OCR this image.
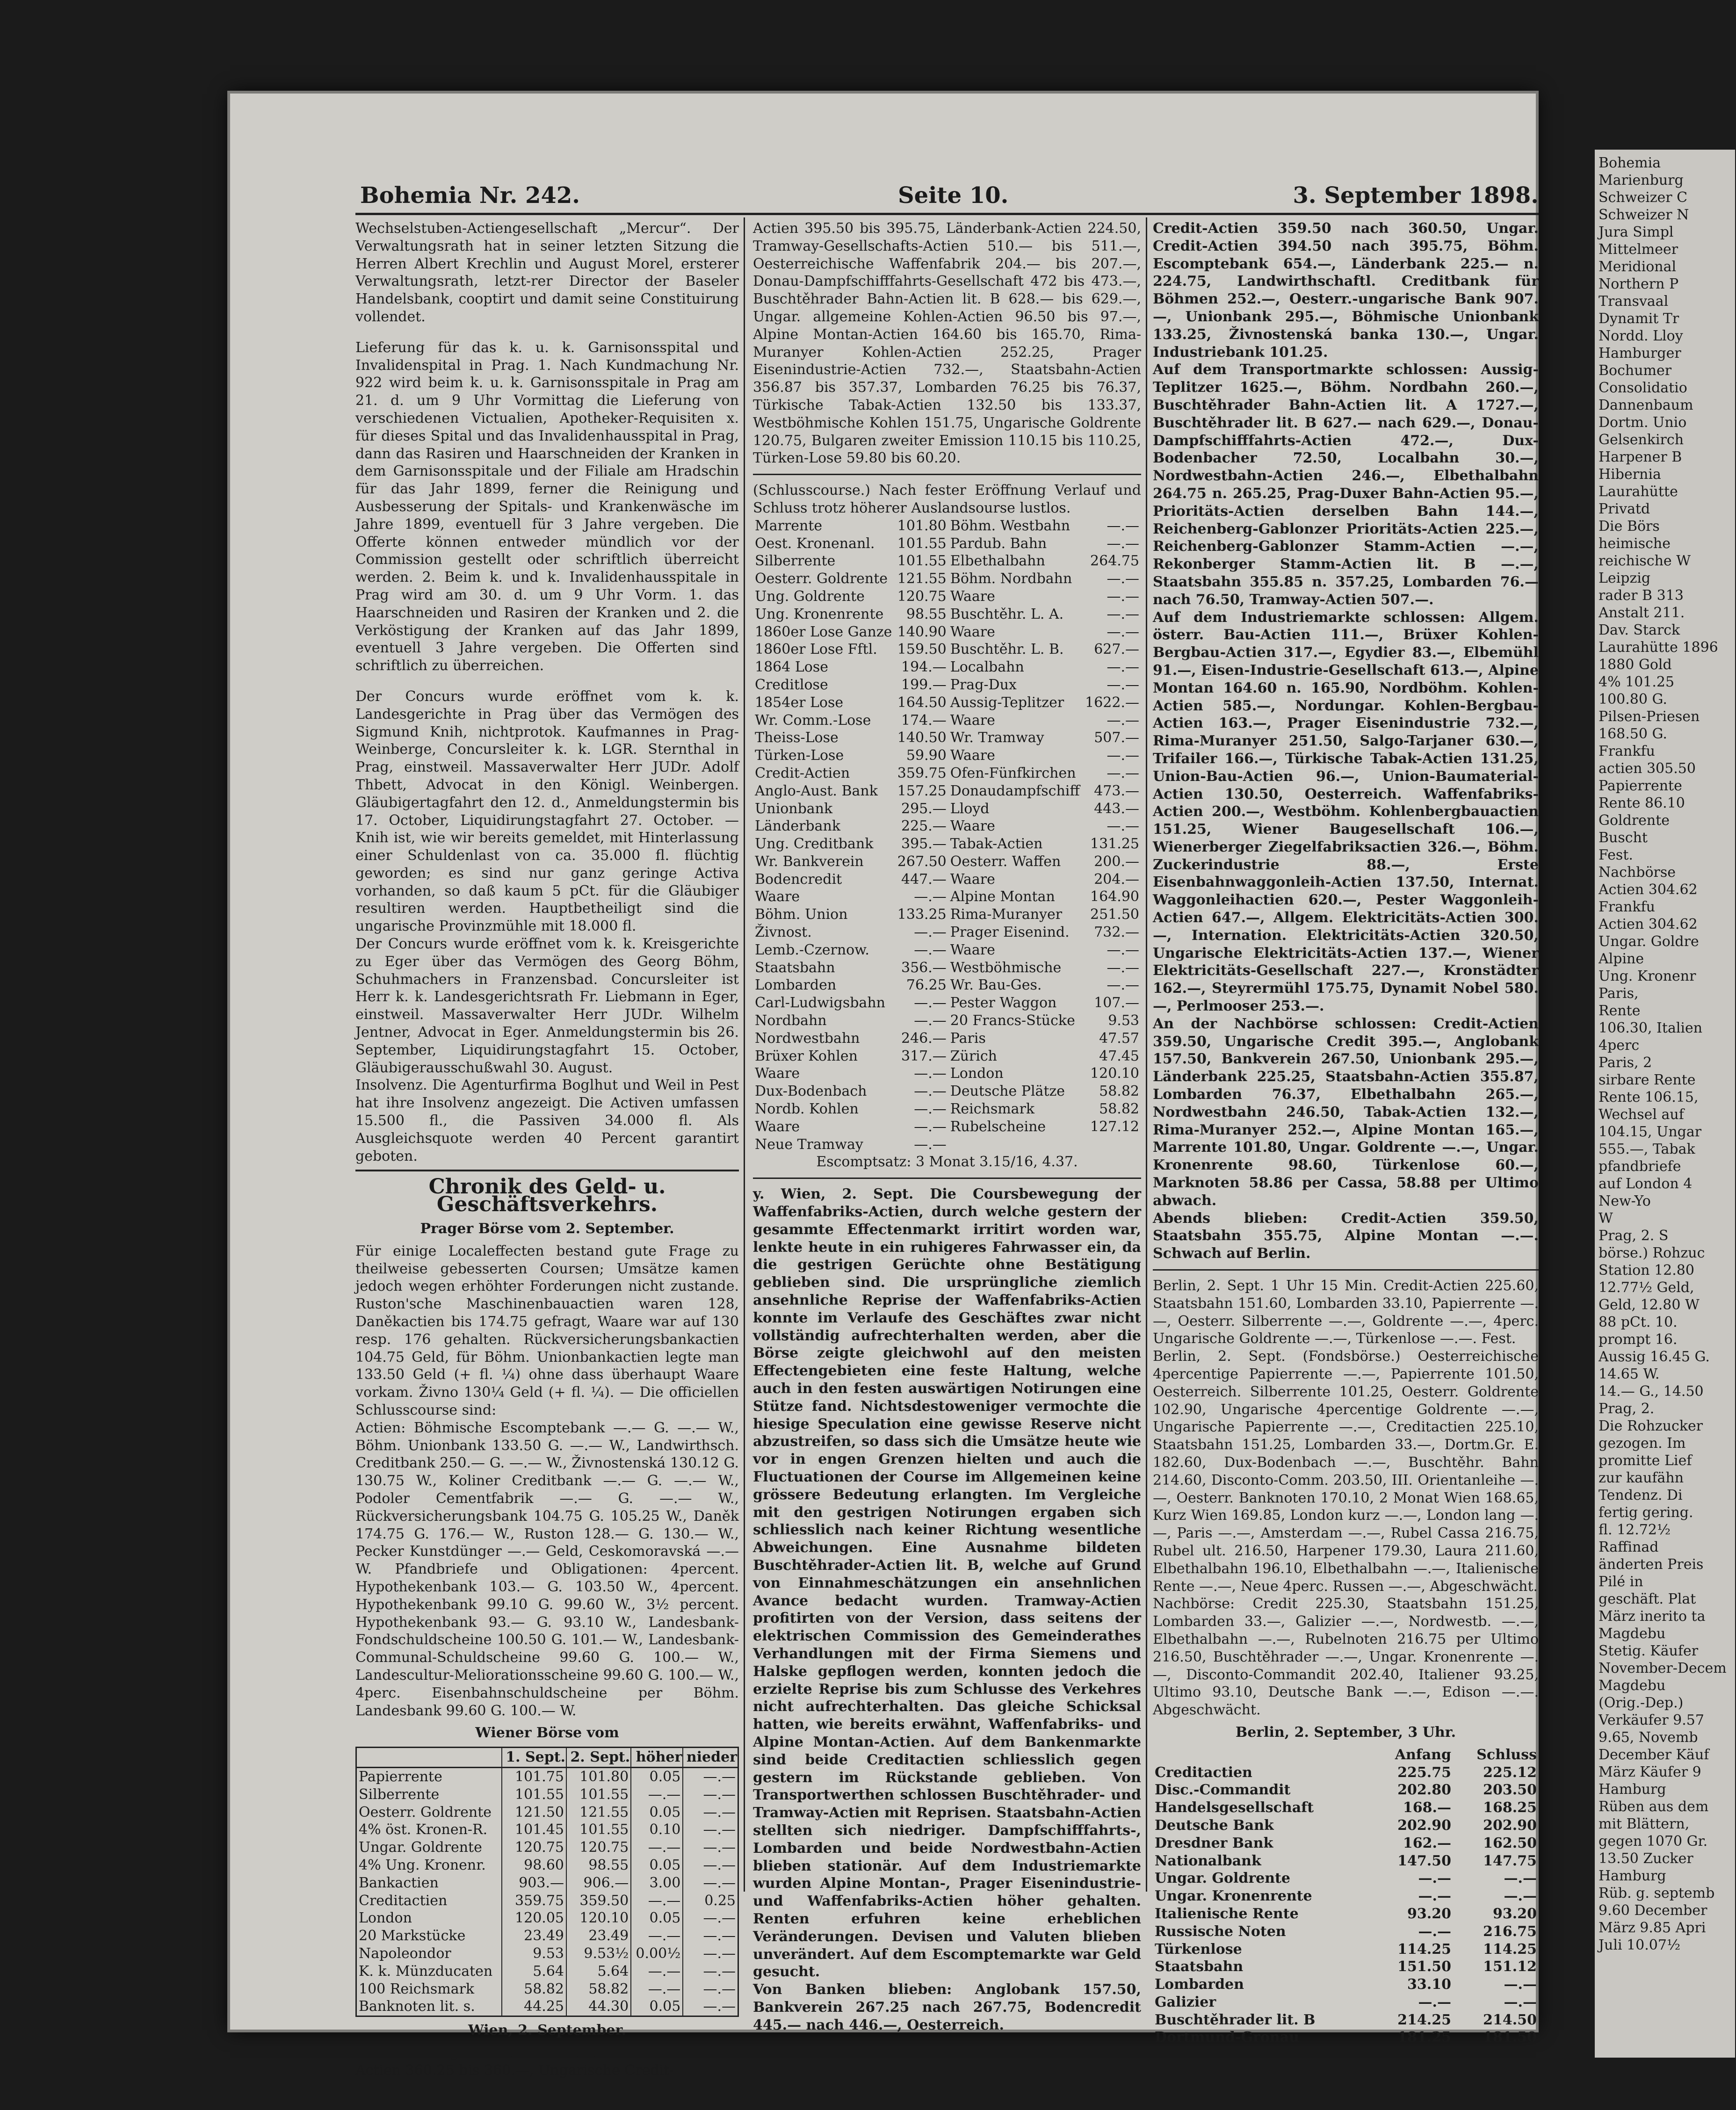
Bohemia
Marienburg
Schweizer C
Schweizer N
Jura Simpl
Mittelmeer
Meridional
Northern P
Transvaal
Dynamit Tr
Nordd. Lloy
Hamburger
Bochumer
Consolidatio
Dannenbaum
Dortm. Unio
Gelsenkirch
Harpener B
Hibernia
Laurahütte
Privatd
Die Börs
heimische
reichische W
Leipzig
rader B 313
Anstalt 211.
Dav. Starck
Laurahütte 1896
1880 Gold
4% 101.25
100.80 G.
Pilsen-Priesen
168.50 G.
Frankfu
actien 305.50
Papierrente
Rente 86.10
Goldrente
Buscht
Fest.
Nachbörse
Actien 304.62
Frankfu
Actien 304.62
Ungar. Goldre
Alpine
Ung. Kronenr
Paris,
Rente
106.30, Italien
4perc
Paris, 2
sirbare Rente
Rente 106.15,
Wechsel auf
104.15, Ungar
555.—, Tabak
pfandbriefe
auf London 4
New-Yo
W
Prag, 2. S
börse.) Rohzuc
Station 12.80
12.77½ Geld,
Geld, 12.80 W
88 pCt. 10.
prompt 16.
Aussig 16.45 G.
14.65 W.
14.— G., 14.50
Prag, 2.
Die Rohzucker
gezogen. Im
promitte Lief
zur kaufähn
Tendenz. Di
fertig gering.
fl. 12.72½
Raffinad
änderten Preis
Pilé in
geschäft. Plat
März inerito ta
Magdebu
Stetig. Käufer
November-Decem
Magdebu
(Orig.-Dep.)
Verkäufer 9.57
9.65, Novemb
December Käuf
März Käufer 9
Hamburg
Rüben aus dem
mit Blättern,
gegen 1070 Gr.
13.50 Zucker
Hamburg
Rüb. g. septemb
9.60 December
März 9.85 Apri
Juli 10.07½
Bohemia Nr. 242.	Seite 10.	3. September 1898.

Wechselstuben-Actiengesellschaft „Mercur“. Der Verwaltungsrath hat in seiner letzten Sitzung die Herren Albert Krechlin und August Morel, ersterer Verwaltungsrath, letzt-rer Director der Baseler Handelsbank, cooptirt und damit seine Constituirung vollendet.

Lieferung für das k. u. k. Garnisonsspital und Invalidenspital in Prag. 1. Nach Kundmachung Nr. 922 wird beim k. u. k. Garnisonsspitale in Prag am 21. d. um 9 Uhr Vormittag die Lieferung von verschiedenen Victualien, Apotheker-Requisiten x. für dieses Spital und das Invalidenhausspital in Prag, dann das Rasiren und Haarschneiden der Kranken in dem Garnisonsspitale und der Filiale am Hradschin für das Jahr 1899, ferner die Reinigung und Ausbesserung der Spitals- und Krankenwäsche im Jahre 1899, eventuell für 3 Jahre vergeben. Die Offerte können entweder mündlich vor der Commission gestellt oder schriftlich überreicht werden. 2. Beim k. und k. Invalidenhausspitale in Prag wird am 30. d. um 9 Uhr Vorm. 1. das Haarschneiden und Rasiren der Kranken und 2. die Verköstigung der Kranken auf das Jahr 1899, eventuell 3 Jahre vergeben. Die Offerten sind schriftlich zu überreichen.

Der Concurs wurde eröffnet vom k. k. Landesgerichte in Prag über das Vermögen des Sigmund Knih, nichtprotok. Kaufmannes in Prag-Weinberge, Concursleiter k. k. LGR. Sternthal in Prag, einstweil. Massaverwalter Herr JUDr. Adolf Thbett, Advocat in den Königl. Weinbergen. Gläubigertagfahrt den 12. d., Anmeldungstermin bis 17. October, Liquidirungstagfahrt 27. October. — Knih ist, wie wir bereits gemeldet, mit Hinterlassung einer Schuldenlast von ca. 35.000 fl. flüchtig geworden; es sind nur ganz geringe Activa vorhanden, so daß kaum 5 pCt. für die Gläubiger resultiren werden. Hauptbetheiligt sind die ungarische Provinzmühle mit 18.000 fl.

Der Concurs wurde eröffnet vom k. k. Kreisgerichte zu Eger über das Vermögen des Georg Böhm, Schuhmachers in Franzensbad. Concursleiter ist Herr k. k. Landesgerichtsrath Fr. Liebmann in Eger, einstweil. Massaverwalter Herr JUDr. Wilhelm Jentner, Advocat in Eger. Anmeldungstermin bis 26. September, Liquidirungstagfahrt 15. October, Gläubigerausschußwahl 30. August.

Insolvenz. Die Agenturfirma Boglhut und Weil in Pest hat ihre Insolvenz angezeigt. Die Activen umfassen 15.500 fl., die Passiven 34.000 fl. Als Ausgleichsquote werden 40 Percent garantirt geboten.

Chronik des Geld- u. Geschäftsverkehrs.
Prager Börse vom 2. September.

Für einige Localeffecten bestand gute Frage zu theilweise gebesserten Coursen; Umsätze kamen jedoch wegen erhöhter Forderungen nicht zustande. Ruston'sche Maschinenbauactien waren 128, Daněkactien bis 174.75 gefragt, Waare war auf 130 resp. 176 gehalten. Rückversicherungsbankactien 104.75 Geld, für Böhm. Unionbankactien legte man 133.50 Geld (+ fl. ¼) ohne dass überhaupt Waare vorkam. Živno 130¼ Geld (+ fl. ¼). — Die officiellen Schlusscourse sind:

Actien: Böhmische Escomptebank —.— G. —.— W., Böhm. Unionbank 133.50 G. —.— W., Landwirthsch. Creditbank 250.— G. —.— W., Živnostenská 130.12 G. 130.75 W., Koliner Creditbank —.— G. —.— W., Podoler Cementfabrik —.— G. —.— W., Rückversicherungsbank 104.75 G. 105.25 W., Daněk 174.75 G. 176.— W., Ruston 128.— G. 130.— W., Pecker Kunstdünger —.— Geld, Ceskomoravská —.— W. Pfandbriefe und Obligationen: 4percent. Hypothekenbank 103.— G. 103.50 W., 4percent. Hypothekenbank 99.10 G. 99.60 W., 3½ percent. Hypothekenbank 93.— G. 93.10 W., Landesbank-Fondschuldscheine 100.50 G. 101.— W., Landesbank-Communal-Schuldscheine 99.60 G. 100.— W., Landescultur-Meliorationsscheine 99.60 G. 100.— W., 4perc. Eisenbahnschuldscheine per Böhm. Landesbank 99.60 G. 100.— W.

Wiener Börse vom
	1. Sept.	2. Sept.	höher	nieder
Papierrente	101.75	101.80	0.05	—.—
Silberrente	101.55	101.55	—.—	—.—
Oesterr. Goldrente	121.50	121.55	0.05	—.—
4% öst. Kronen-R.	101.45	101.55	0.10	—.—
Ungar. Goldrente	120.75	120.75	—.—	—.—
4% Ung. Kronenr.	98.60	98.55	0.05	—.—
Bankactien	903.—	906.—	3.00	—.—
Creditactien	359.75	359.50	—.—	0.25
London	120.05	120.10	0.05	—.—
20 Markstücke	23.49	23.49	—.—	—.—
Napoleondor	9.53	9.53½	0.00½	—.—
K. k. Münzducaten	5.64	5.64	—.—	—.—
100 Reichsmark	58.82	58.82	—.—	—.—
Banknoten lit. s.	44.25	44.30	0.05	—.—
Wien, 2. September.

An der heutigen Vorbörse notirten: Oesterr. Credit-Actien 360.25 bis 360.—, Ungarische Credit-

Actien 395.50 bis 395.75, Länderbank-Actien 224.50, Tramway-Gesellschafts-Actien 510.— bis 511.—, Oesterreichische Waffenfabrik 204.— bis 207.—, Donau-Dampfschifffahrts-Gesellschaft 472 bis 473.—, Buschtěhrader Bahn-Actien lit. B 628.— bis 629.—, Ungar. allgemeine Kohlen-Actien 96.50 bis 97.—, Alpine Montan-Actien 164.60 bis 165.70, Rima-Muranyer Kohlen-Actien 252.25, Prager Eisenindustrie-Actien 732.—, Staatsbahn-Actien 356.87 bis 357.37, Lombarden 76.25 bis 76.37, Türkische Tabak-Actien 132.50 bis 133.37, Westböhmische Kohlen 151.75, Ungarische Goldrente 120.75, Bulgaren zweiter Emission 110.15 bis 110.25, Türken-Lose 59.80 bis 60.20.

(Schlusscourse.) Nach fester Eröffnung Verlauf und Schluss trotz höherer Auslandsourse lustlos.

Marrente	101.80	Böhm. Westbahn	—.—
Oest. Kronenanl.	101.55	Pardub. Bahn	—.—
Silberrente	101.55	Elbethalbahn	264.75
Oesterr. Goldrente	121.55	Böhm. Nordbahn	—.—
Ung. Goldrente	120.75	Waare	—.—
Ung. Kronenrente	98.55	Buschtěhr. L. A.	—.—
1860er Lose Ganze	140.90	Waare	—.—
1860er Lose Fftl.	159.50	Buschtěhr. L. B.	627.—
1864 Lose	194.—	Localbahn	—.—
Creditlose	199.—	Prag-Dux	—.—
1854er Lose	164.50	Aussig-Teplitzer	1622.—
Wr. Comm.-Lose	174.—	Waare	—.—
Theiss-Lose	140.50	Wr. Tramway	507.—
Türken-Lose	59.90	Waare	—.—
Credit-Actien	359.75	Ofen-Fünfkirchen	—.—
Anglo-Aust. Bank	157.25	Donaudampfschiff	473.—
Unionbank	295.—	Lloyd	443.—
Länderbank	225.—	Waare	—.—
Ung. Creditbank	395.—	Tabak-Actien	131.25
Wr. Bankverein	267.50	Oesterr. Waffen	200.—
Bodencredit	447.—	Waare	204.—
Waare	—.—	Alpine Montan	164.90
Böhm. Union	133.25	Rima-Muranyer	251.50
Živnost.	—.—	Prager Eisenind.	732.—
Lemb.-Czernow.	—.—	Waare	—.—
Staatsbahn	356.—	Westböhmische	—.—
Lombarden	76.25	Wr. Bau-Ges.	—.—
Carl-Ludwigsbahn	—.—	Pester Waggon	107.—
Nordbahn	—.—	20 Francs-Stücke	9.53
Nordwestbahn	246.—	Paris	47.57
Brüxer Kohlen	317.—	Zürich	47.45
Waare	—.—	London	120.10
Dux-Bodenbach	—.—	Deutsche Plätze	58.82
Nordb. Kohlen	—.—	Reichsmark	58.82
Waare	—.—	Rubelscheine	127.12
Neue Tramway	—.—		

Escomptsatz: 3 Monat 3.15/16, 4.37.

y. Wien, 2. Sept. Die Coursbewegung der Waffenfabriks-Actien, durch welche gestern der gesammte Effectenmarkt irritirt worden war, lenkte heute in ein ruhigeres Fahrwasser ein, da die gestrigen Gerüchte ohne Bestätigung geblieben sind. Die ursprüngliche ziemlich ansehnliche Reprise der Waffenfabriks-Actien konnte im Verlaufe des Geschäftes zwar nicht vollständig aufrechterhalten werden, aber die Börse zeigte gleichwohl auf den meisten Effectengebieten eine feste Haltung, welche auch in den festen auswärtigen Notirungen eine Stütze fand. Nichtsdestoweniger vermochte die hiesige Speculation eine gewisse Reserve nicht abzustreifen, so dass sich die Umsätze heute wie vor in engen Grenzen hielten und auch die Fluctuationen der Course im Allgemeinen keine grössere Bedeutung erlangten. Im Vergleiche mit den gestrigen Notirungen ergaben sich schliesslich nach keiner Richtung wesentliche Abweichungen. Eine Ausnahme bildeten Buschtěhrader-Actien lit. B, welche auf Grund von Einnahmeschätzungen ein ansehnlichen Avance bedacht wurden. Tramway-Actien profitirten von der Version, dass seitens der elektrischen Commission des Gemeinderathes Verhandlungen mit der Firma Siemens und Halske gepflogen werden, konnten jedoch die erzielte Reprise bis zum Schlusse des Verkehres nicht aufrechterhalten. Das gleiche Schicksal hatten, wie bereits erwähnt, Waffenfabriks- und Alpine Montan-Actien. Auf dem Bankenmarkte sind beide Creditactien schliesslich gegen gestern im Rückstande geblieben. Von Transportwerthen schlossen Buschtěhrader- und Tramway-Actien mit Reprisen. Staatsbahn-Actien stellten sich niedriger. Dampfschifffahrts-, Lombarden und beide Nordwestbahn-Actien blieben stationär. Auf dem Industriemarkte wurden Alpine Montan-, Prager Eisenindustrie- und Waffenfabriks-Actien höher gehalten. Renten erfuhren keine erheblichen Veränderungen. Devisen und Valuten blieben unverändert. Auf dem Escomptemarkte war Geld gesucht.

Von Banken blieben: Anglobank 157.50, Bankverein 267.25 nach 267.75, Bodencredit 445.— nach 446.—, Oesterreich.

Credit-Actien 359.50 nach 360.50, Ungar. Credit-Actien 394.50 nach 395.75, Böhm. Escomptebank 654.—, Länderbank 225.— n. 224.75, Landwirthschaftl. Creditbank für Böhmen 252.—, Oesterr.-ungarische Bank 907.—, Unionbank 295.—, Böhmische Unionbank 133.25, Živnostenská banka 130.—, Ungar. Industriebank 101.25.

Auf dem Transportmarkte schlossen: Aussig-Teplitzer 1625.—, Böhm. Nordbahn 260.—, Buschtěhrader Bahn-Actien lit. A 1727.—, Buschtěhrader lit. B 627.— nach 629.—, Donau-Dampfschifffahrts-Actien 472.—, Dux-Bodenbacher 72.50, Localbahn 30.—, Nordwestbahn-Actien 246.—, Elbethalbahn 264.75 n. 265.25, Prag-Duxer Bahn-Actien 95.—, Prioritäts-Actien derselben Bahn 144.—, Reichenberg-Gablonzer Prioritäts-Actien 225.—, Reichenberg-Gablonzer Stamm-Actien —.—, Rekonberger Stamm-Actien lit. B —.—, Staatsbahn 355.85 n. 357.25, Lombarden 76.— nach 76.50, Tramway-Actien 507.—.

Auf dem Industriemarkte schlossen: Allgem. österr. Bau-Actien 111.—, Brüxer Kohlen-Bergbau-Actien 317.—, Egydier 83.—, Elbemühl 91.—, Eisen-Industrie-Gesellschaft 613.—, Alpine Montan 164.60 n. 165.90, Nordböhm. Kohlen-Actien 585.—, Nordungar. Kohlen-Bergbau-Actien 163.—, Prager Eisenindustrie 732.—, Rima-Muranyer 251.50, Salgo-Tarjaner 630.—, Trifailer 166.—, Türkische Tabak-Actien 131.25, Union-Bau-Actien 96.—, Union-Baumaterial-Actien 130.50, Oesterreich. Waffenfabriks-Actien 200.—, Westböhm. Kohlenbergbauactien 151.25, Wiener Baugesellschaft 106.—, Wienerberger Ziegelfabriksactien 326.—, Böhm. Zuckerindustrie 88.—, Erste Eisenbahnwaggonleih-Actien 137.50, Internat. Waggonleihactien 620.—, Pester Waggonleih-Actien 647.—, Allgem. Elektricitäts-Actien 300.—, Internation. Elektricitäts-Actien 320.50, Ungarische Elektricitäts-Actien 137.—, Wiener Elektricitäts-Gesellschaft 227.—, Kronstädter 162.—, Steyrermühl 175.75, Dynamit Nobel 580.—, Perlmooser 253.—.

An der Nachbörse schlossen: Credit-Actien 359.50, Ungarische Credit 395.—, Anglobank 157.50, Bankverein 267.50, Unionbank 295.—, Länderbank 225.25, Staatsbahn-Actien 355.87, Lombarden 76.37, Elbethalbahn 265.—, Nordwestbahn 246.50, Tabak-Actien 132.—, Rima-Muranyer 252.—, Alpine Montan 165.—, Marrente 101.80, Ungar. Goldrente —.—, Ungar. Kronenrente 98.60, Türkenlose 60.—, Marknoten 58.86 per Cassa, 58.88 per Ultimo abwach.

Abends blieben: Credit-Actien 359.50, Staatsbahn 355.75, Alpine Montan —.—. Schwach auf Berlin.

Berlin, 2. Sept. 1 Uhr 15 Min. Credit-Actien 225.60, Staatsbahn 151.60, Lombarden 33.10, Papierrente —.—, Oesterr. Silberrente —.—, Goldrente —.—, 4perc. Ungarische Goldrente —.—, Türkenlose —.—. Fest.

Berlin, 2. Sept. (Fondsbörse.) Oesterreichische 4percentige Papierrente —.—, Papierrente 101.50, Oesterreich. Silberrente 101.25, Oesterr. Goldrente 102.90, Ungarische 4percentige Goldrente —.—, Ungarische Papierrente —.—, Creditactien 225.10, Staatsbahn 151.25, Lombarden 33.—, Dortm.Gr. E. 182.60, Dux-Bodenbach —.—, Buschtěhr. Bahn 214.60, Disconto-Comm. 203.50, III. Orientanleihe —.—, Oesterr. Banknoten 170.10, 2 Monat Wien 168.65, Kurz Wien 169.85, London kurz —.—, London lang —.—, Paris —.—, Amsterdam —.—, Rubel Cassa 216.75, Rubel ult. 216.50, Harpener 179.30, Laura 211.60, Elbethalbahn 196.10, Elbethalbahn —.—, Italienische Rente —.—, Neue 4perc. Russen —.—, Abgeschwächt.

Nachbörse: Credit 225.30, Staatsbahn 151.25, Lombarden 33.—, Galizier —.—, Nordwestb. —.—, Elbethalbahn —.—, Rubelnoten 216.75 per Ultimo 216.50, Buschtěhrader —.—, Ungar. Kronenrente —.—, Disconto-Commandit 202.40, Italiener 93.25, Ultimo 93.10, Deutsche Bank —.—, Edison —.—. Abgeschwächt.

Berlin, 2. September, 3 Uhr.
	Anfang	Schluss
Creditactien	225.75	225.12
Disc.-Commandit	202.80	203.50
Handelsgesellschaft	168.—	168.25
Deutsche Bank	202.90	202.90
Dresdner Bank	162.—	162.50
Nationalbank	147.50	147.75
Ungar. Goldrente	—.—	—.—
Ungar. Kronenrente	—.—	—.—
Italienische Rente	93.20	93.20
Russische Noten	—.—	216.75
Türkenlose	114.25	114.25
Staatsbahn	151.50	151.12
Lombarden	33.10	—.—
Galizier	—.—	—.—
Buschtěhrader lit. B	214.25	214.50
Dortmund-Gronau	181.25	181.50
